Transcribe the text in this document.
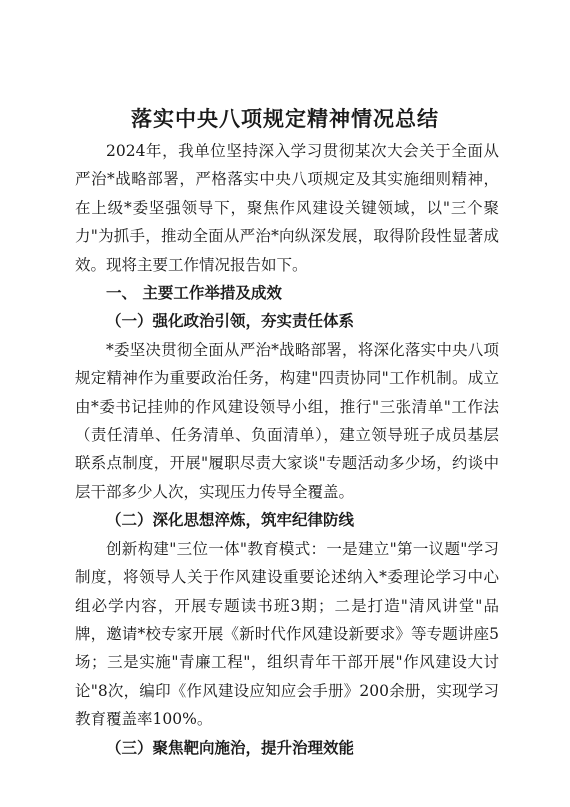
落实中央八项规定精神情况总结

2024年，我单位坚持深入学习贯彻某次大会关于全面从严治*战略部署，严格落实中央八项规定及其实施细则精神，在上级*委坚强领导下，聚焦作风建设关键领域，以"三个聚力"为抓手，推动全面从严治*向纵深发展，取得阶段性显著成效。现将主要工作情况报告如下。

一、 主要工作举措及成效

（一）强化政治引领，夯实责任体系

*委坚决贯彻全面从严治*战略部署，将深化落实中央八项规定精神作为重要政治任务，构建"四责协同"工作机制。成立由*委书记挂帅的作风建设领导小组，推行"三张清单"工作法（责任清单、任务清单、负面清单），建立领导班子成员基层联系点制度，开展"履职尽责大家谈"专题活动多少场，约谈中层干部多少人次，实现压力传导全覆盖。

（二）深化思想淬炼，筑牢纪律防线

创新构建"三位一体"教育模式：一是建立"第一议题"学习制度，将领导人关于作风建设重要论述纳入*委理论学习中心组必学内容，开展专题读书班3期；二是打造"清风讲堂"品牌，邀请*校专家开展《新时代作风建设新要求》等专题讲座5场；三是实施"青廉工程"，组织青年干部开展"作风建设大讨论"8次，编印《作风建设应知应会手册》200余册，实现学习教育覆盖率100%。

（三）聚焦靶向施治，提升治理效能
